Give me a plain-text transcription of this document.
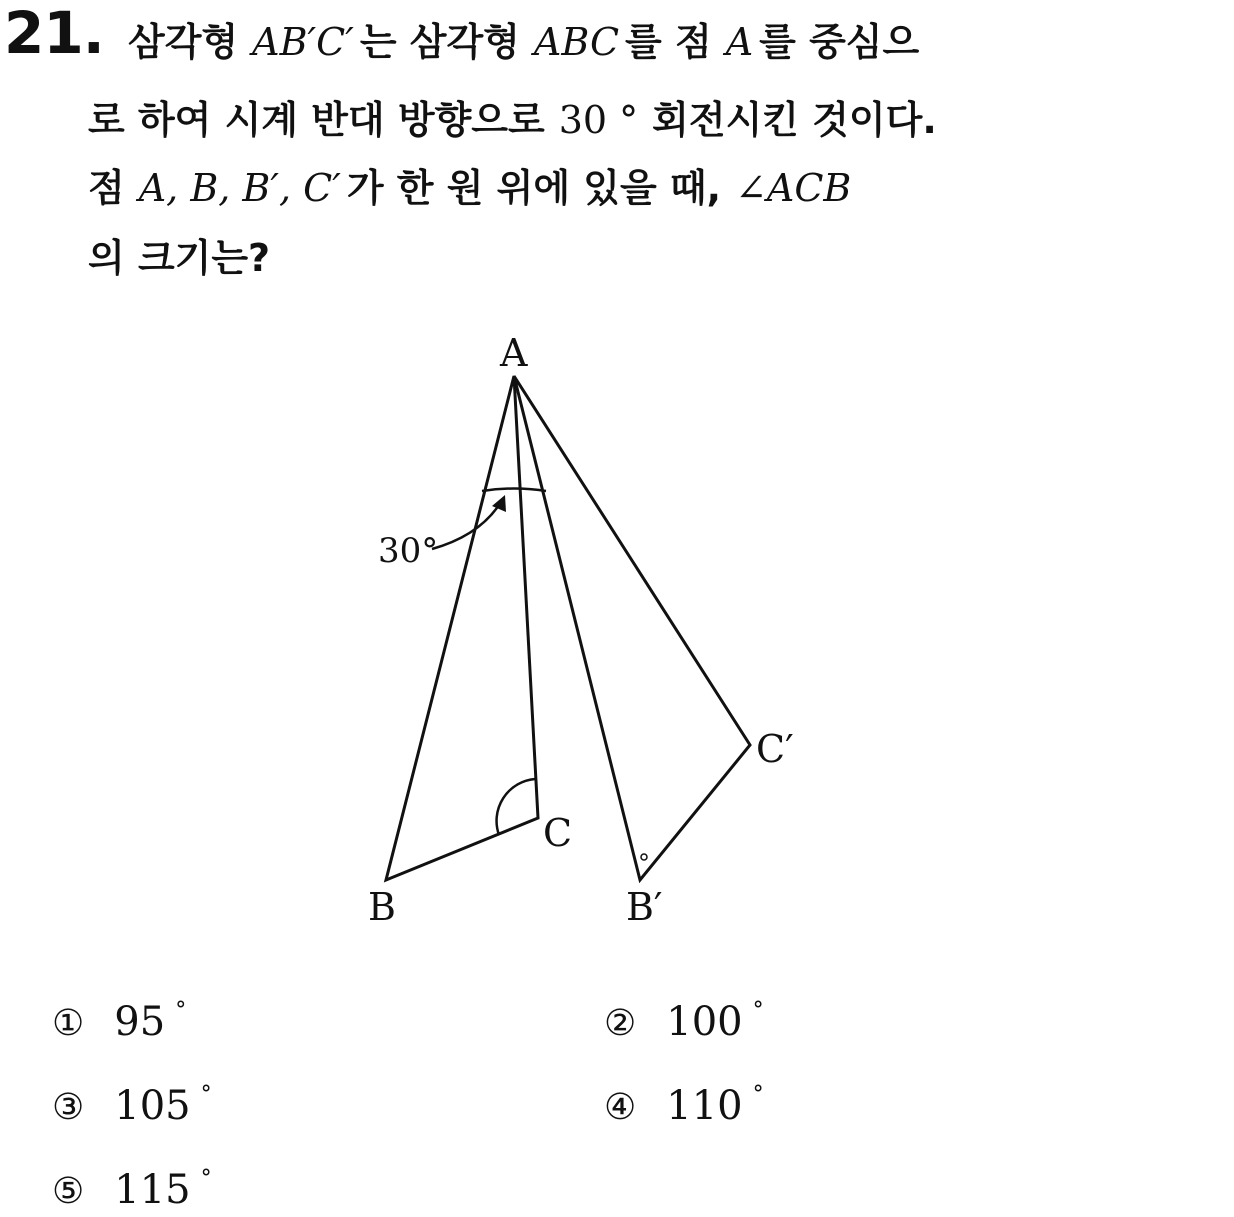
21. 삼각형 AB′C′ 는 삼각형 ABC 를 점 A 를 중심으
로 하여 시계 반대 방향으로 30 ° 회전시킨 것이다.
점 A, B, B′, C′ 가 한 원 위에 있을 때, ∠ACB
의 크기는?
A
B
C
B′
C′
30°
① 95 °	② 100 °
③ 105 °	④ 110 °
⑤ 115 °
